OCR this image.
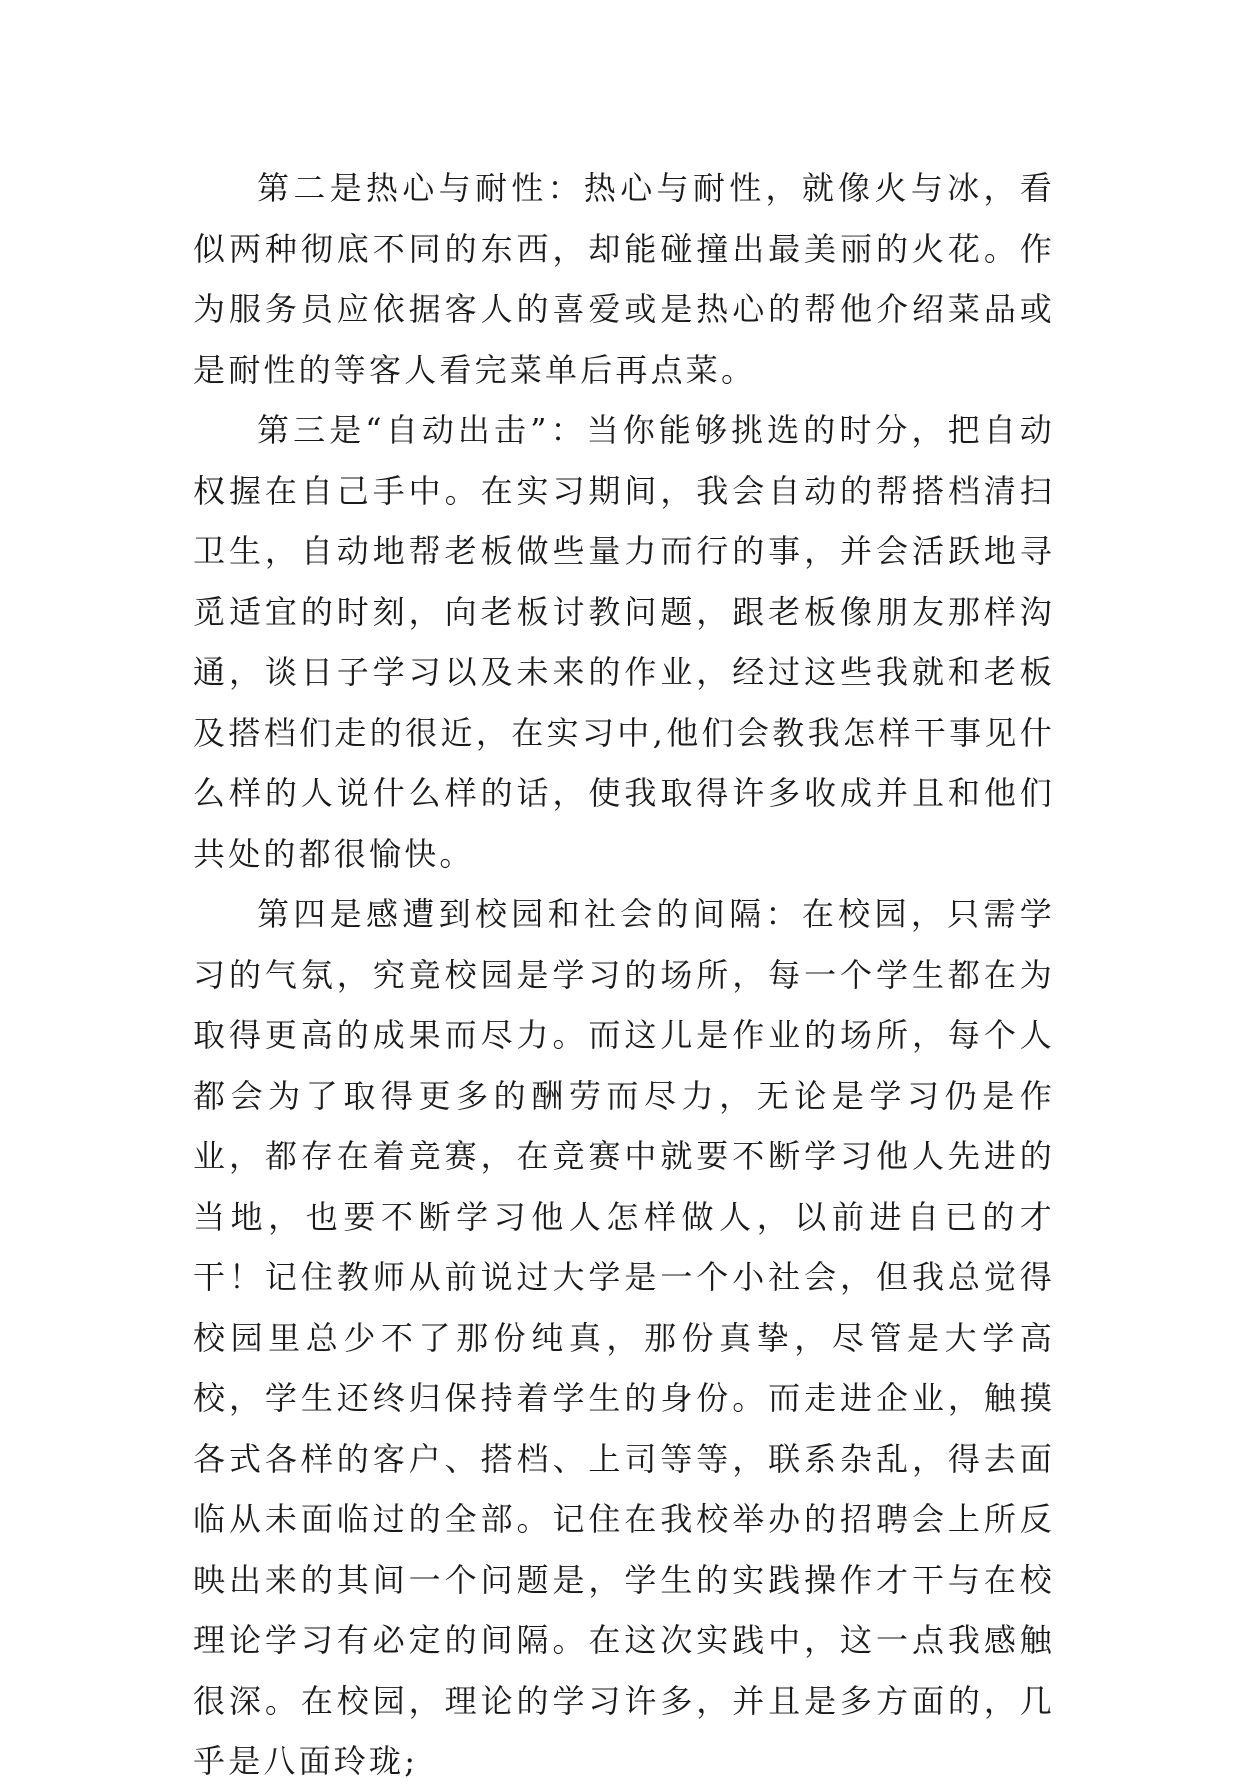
第二是热心与耐性：热心与耐性，就像火与冰，看似两种彻底不同的东西，却能碰撞出最美丽的火花。作为服务员应依据客人的喜爱或是热心的帮他介绍菜品或是耐性的等客人看完菜单后再点菜。

第三是“自动出击”：当你能够挑选的时分，把自动权握在自己手中。在实习期间，我会自动的帮搭档清扫卫生，自动地帮老板做些量力而行的事，并会活跃地寻觅适宜的时刻，向老板讨教问题，跟老板像朋友那样沟通，谈日子学习以及未来的作业，经过这些我就和老板及搭档们走的很近，在实习中,他们会教我怎样干事见什么样的人说什么样的话，使我取得许多收成并且和他们共处的都很愉快。

第四是感遭到校园和社会的间隔：在校园，只需学习的气氛，究竟校园是学习的场所，每一个学生都在为取得更高的成果而尽力。而这儿是作业的场所，每个人都会为了取得更多的酬劳而尽力，无论是学习仍是作业，都存在着竞赛，在竞赛中就要不断学习他人先进的当地，也要不断学习他人怎样做人，以前进自已的才干！记住教师从前说过大学是一个小社会，但我总觉得校园里总少不了那份纯真，那份真挚，尽管是大学高校，学生还终归保持着学生的身份。而走进企业，触摸各式各样的客户、搭档、上司等等，联系杂乱，得去面临从未面临过的全部。记住在我校举办的招聘会上所反映出来的其间一个问题是，学生的实践操作才干与在校理论学习有必定的间隔。在这次实践中，这一点我感触很深。在校园，理论的学习许多，并且是多方面的，几乎是八面玲珑;
